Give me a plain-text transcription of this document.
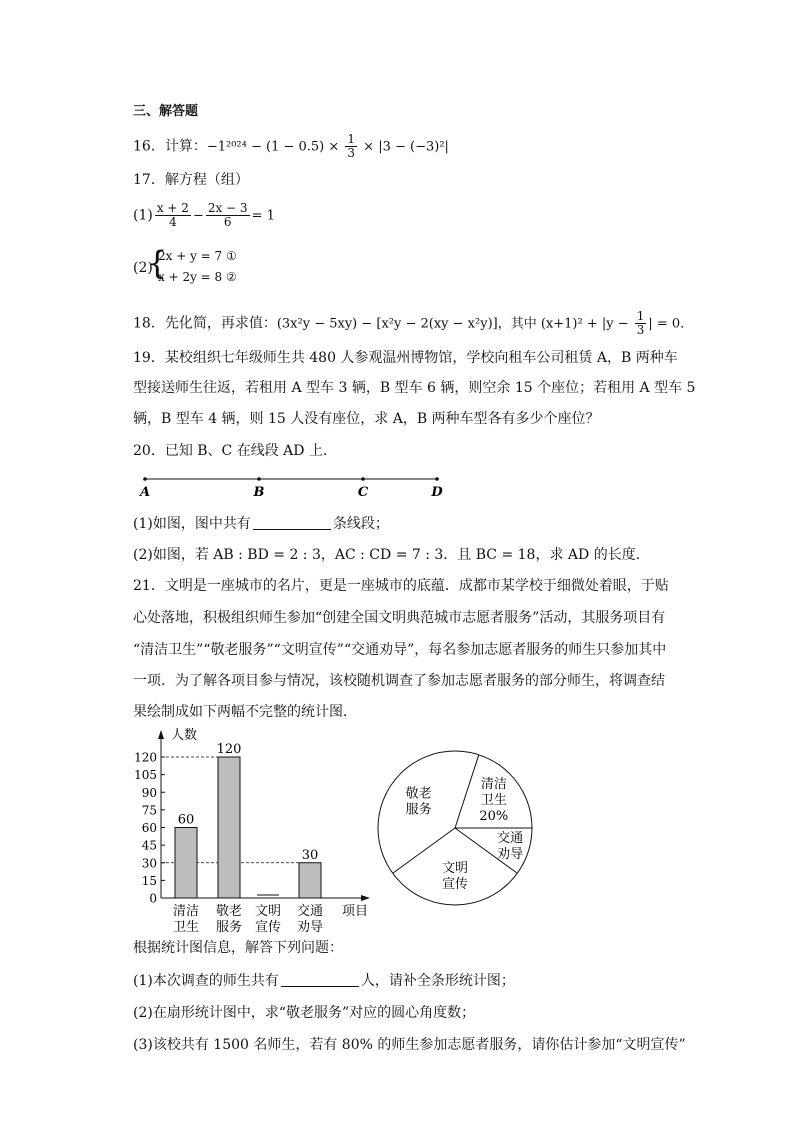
三、解答题
16．计算：$-1^{2024} - (1 - 0.5) \times \frac{1}{3} \times |3 - (-3)^2|$
17．解方程（组）
$(1) \frac{x + 2}{4} - \frac{2x - 3}{6} = 1$
(2)
{
2x + y = 7 ①
x + 2y = 8 ②
18．先化简，再求值：(3x²y − 5xy) − [x²y − 2(xy − x²y)]，其中 $(x+1)^2 + |y - \frac{1}{3}$ | = 0．
19．某校组织七年级师生共 480 人参观温州博物馆，学校向租车公司租赁 A，B 两种车
型接送师生往返，若租用 A 型车 3 辆，B 型车 6 辆，则空余 15 个座位；若租用 A 型车 5
辆，B 型车 4 辆，则 15 人没有座位，求 A，B 两种车型各有多少个座位？
20．已知 B、C 在线段 AD 上．
A	B	C	D
(1)如图，图中共有	条线段；
(2)如图，若 AB : BD = 2 : 3，AC : CD = 7 : 3．且 BC = 18，求 AD 的长度．
21．文明是一座城市的名片，更是一座城市的底蕴．成都市某学校于细微处着眼，于贴
心处落地，积极组织师生参加“创建全国文明典范城市志愿者服务”活动，其服务项目有
“清洁卫生”“敬老服务”“文明宣传”“交通劝导”，每名参加志愿者服务的师生只参加其中
一项．为了解各项目参与情况，该校随机调查了参加志愿者服务的部分师生，将调查结
果绘制成如下两幅不完整的统计图．
人数
项目
0
15
30
45
60
75
90
105
120
60
清洁
卫生
120
敬老
服务
文明
宣传
30
交通
劝导
清洁
卫生
20%
交通
劝导
文明
宣传
敬老
服务
根据统计图信息，解答下列问题：
(1)本次调查的师生共有	人，请补全条形统计图；
(2)在扇形统计图中，求“敬老服务”对应的圆心角度数；
(3)该校共有 1500 名师生，若有 80% 的师生参加志愿者服务，请你估计参加“文明宣传”
